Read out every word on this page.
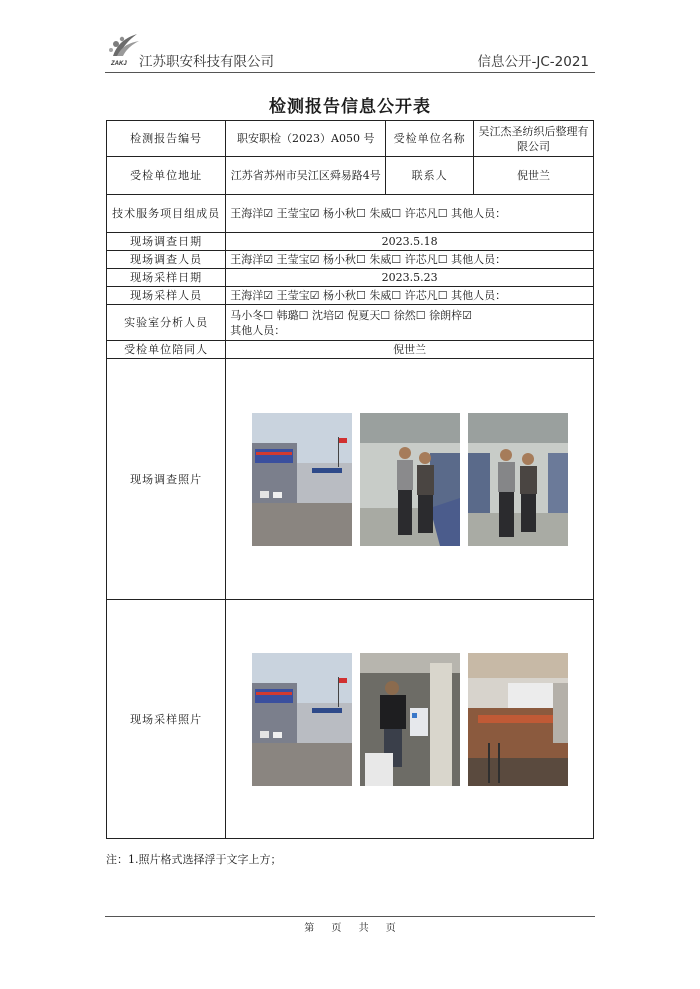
ZAKJ 江苏职安科技有限公司	信息公开-JC-2021
检测报告信息公开表
检测报告编号	职安职检（2023）A050 号	受检单位名称	吴江杰圣纺织后整理有限公司
受检单位地址	江苏省苏州市吴江区舜易路4号	联系人	倪世兰
技术服务项目组成员	王海洋☑ 王莹宝☑ 杨小秋☐ 朱威☐ 许芯凡☐ 其他人员：		
现场调查日期	2023.5.18		
现场调查人员	王海洋☑ 王莹宝☑ 杨小秋☐ 朱威☐ 许芯凡☐ 其他人员：		
现场采样日期	2023.5.23		
现场采样人员	王海洋☑ 王莹宝☑ 杨小秋☐ 朱威☐ 许芯凡☐ 其他人员：		
实验室分析人员	马小冬☐ 韩璐☐ 沈培☑ 倪夏天☐ 徐然☐ 徐朗梓☑
其他人员：		

受检单位陪同人	倪世兰		
现场调查照片	

现场采样照片	
注：1.照片格式选择浮于文字上方；
第 页 共 页
